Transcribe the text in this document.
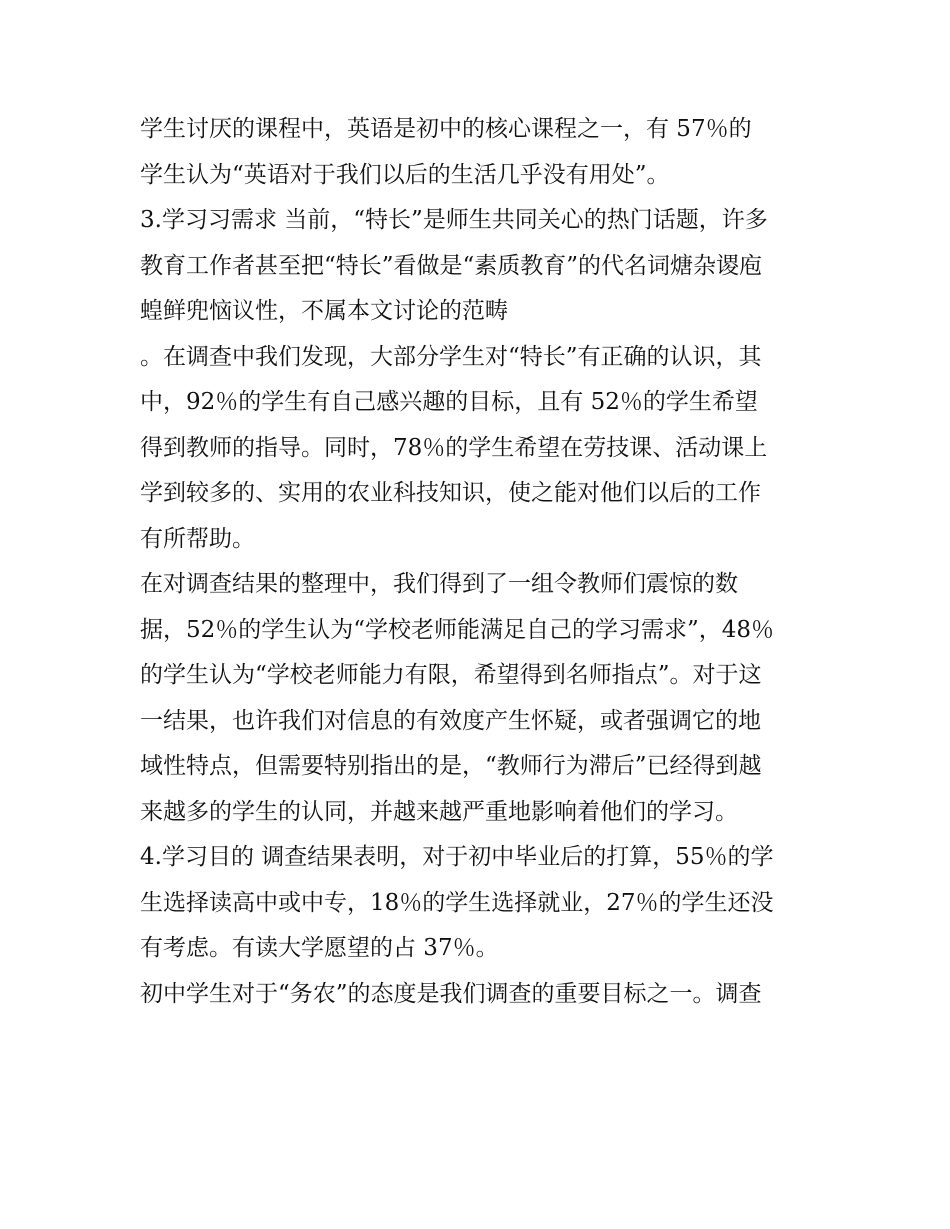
学生讨厌的课程中，英语是初中的核心课程之一，有 57％的
学生认为“英语对于我们以后的生活几乎没有用处”。
3.学习习需求 当前，“特长”是师生共同关心的热门话题，许多
教育工作者甚至把“特长”看做是“素质教育”的代名词煻杂谡庖
蝗鲜兜恼议性，不属本文讨论的范畴
。在调查中我们发现，大部分学生对“特长”有正确的认识，其
中，92％的学生有自己感兴趣的目标，且有 52％的学生希望
得到教师的指导。同时，78％的学生希望在劳技课、活动课上
学到较多的、实用的农业科技知识，使之能对他们以后的工作
有所帮助。
在对调查结果的整理中，我们得到了一组令教师们震惊的数
据，52％的学生认为“学校老师能满足自己的学习需求”，48％
的学生认为“学校老师能力有限，希望得到名师指点”。对于这
一结果，也许我们对信息的有效度产生怀疑，或者强调它的地
域性特点，但需要特别指出的是，“教师行为滞后”已经得到越
来越多的学生的认同，并越来越严重地影响着他们的学习。
4.学习目的 调查结果表明，对于初中毕业后的打算，55％的学
生选择读高中或中专，18％的学生选择就业，27％的学生还没
有考虑。有读大学愿望的占 37％。
初中学生对于“务农”的态度是我们调查的重要目标之一。调查
